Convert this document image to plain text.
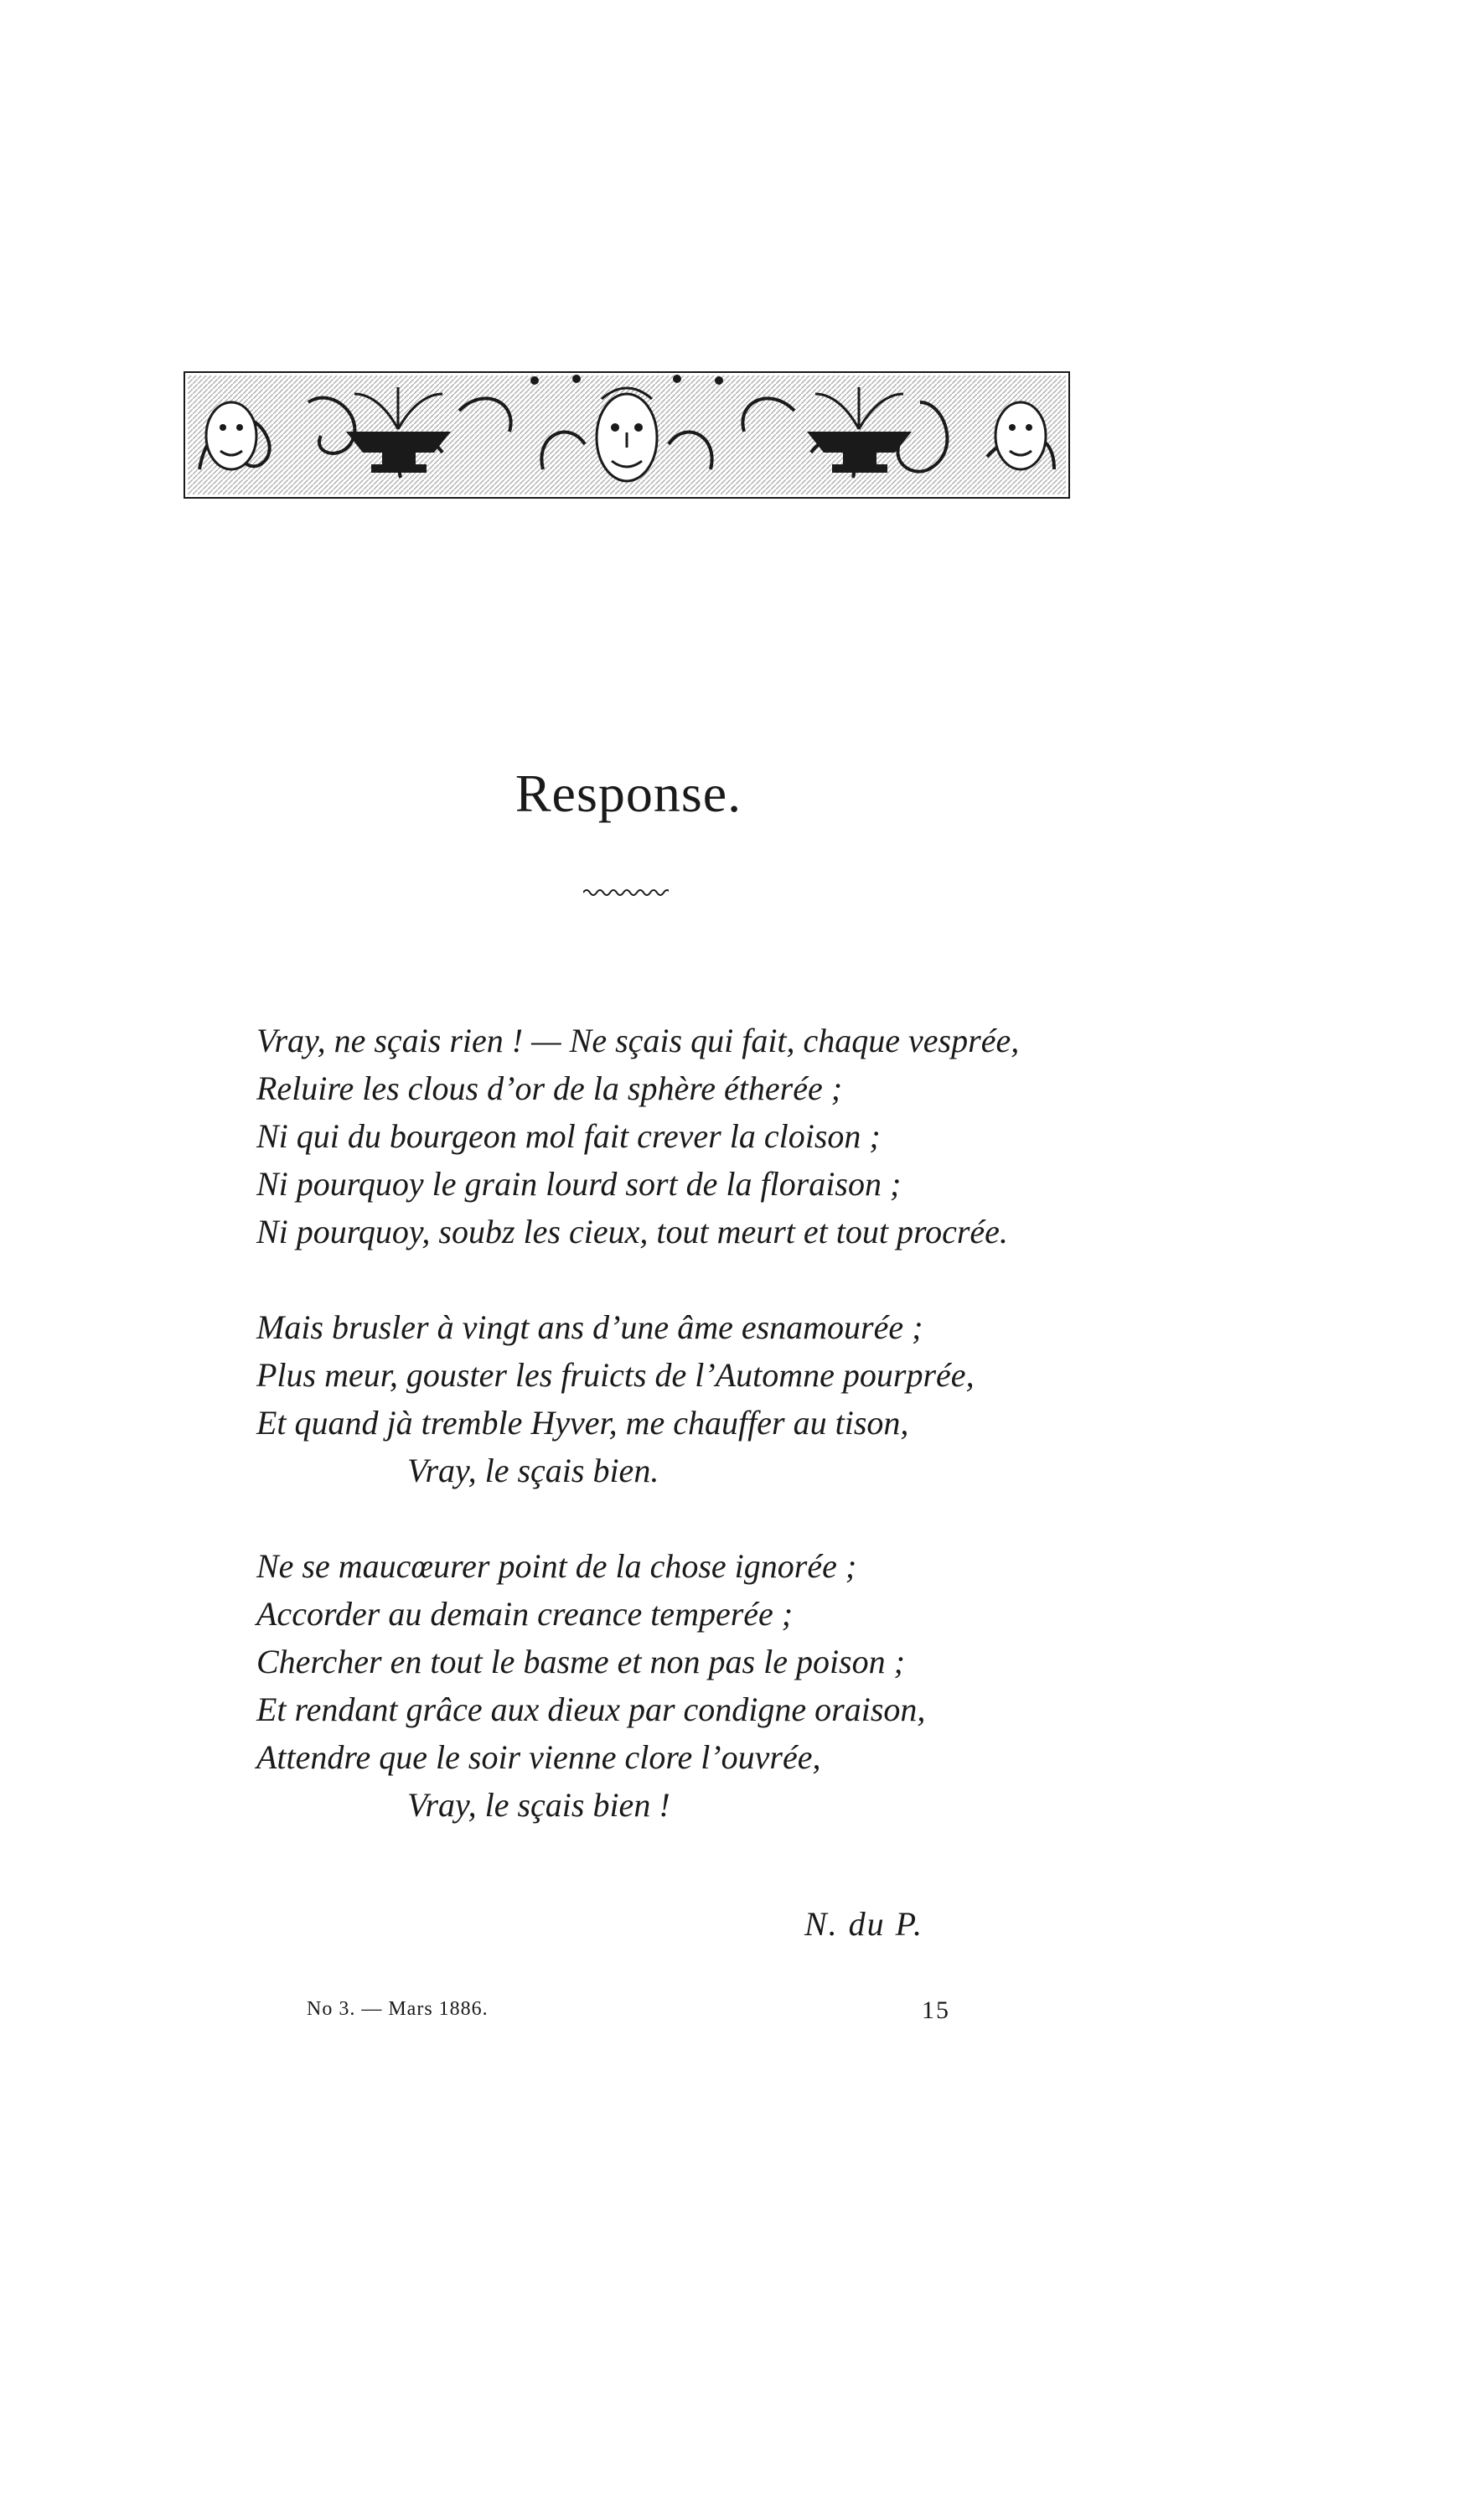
Response.
Vray, ne sçais rien ! — Ne sçais qui fait, chaque vesprée,
Reluire les clous d’or de la sphère étherée ;
Ni qui du bourgeon mol fait crever la cloison ;
Ni pourquoy le grain lourd sort de la floraison ;
Ni pourquoy, soubz les cieux, tout meurt et tout procrée.
Mais brusler à vingt ans d’une âme esnamourée ;
Plus meur, gouster les fruicts de l’Automne pourprée,
Et quand jà tremble Hyver, me chauffer au tison,
Vray, le sçais bien.
Ne se maucœurer point de la chose ignorée ;
Accorder au demain creance temperée ;
Chercher en tout le basme et non pas le poison ;
Et rendant grâce aux dieux par condigne oraison,
Attendre que le soir vienne clore l’ouvrée,
Vray, le sçais bien !
N. du P.
No 3. — Mars 1886.	15
